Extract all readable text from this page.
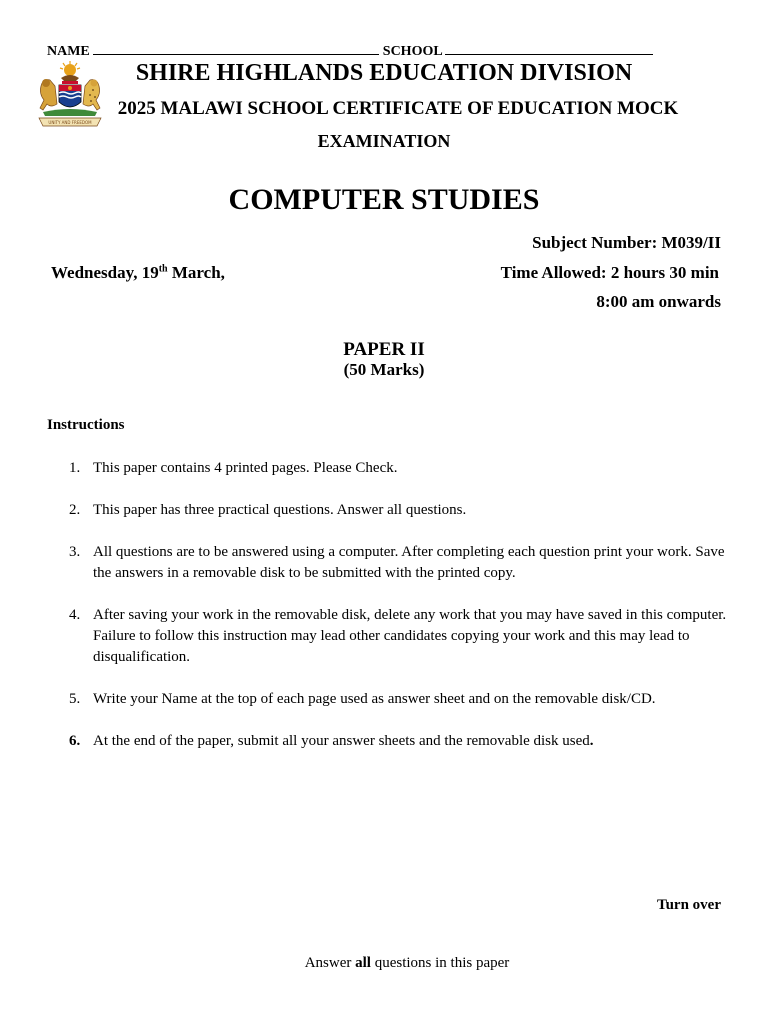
NAME	SCHOOL
UNITY AND FREEDOM
SHIRE HIGHLANDS EDUCATION DIVISION
2025 MALAWI SCHOOL CERTIFICATE OF EDUCATION MOCK
EXAMINATION
COMPUTER STUDIES
Subject Number: M039/II
Wednesday, 19th March,	Time Allowed: 2 hours 30 min
8:00 am onwards
PAPER II
(50 Marks)
Instructions
1. This paper contains 4 printed pages. Please Check.
2. This paper has three practical questions. Answer all questions.
3. All questions are to be answered using a computer. After completing each question print your work. Save the answers in a removable disk to be submitted with the printed copy.
4. After saving your work in the removable disk, delete any work that you may have saved in this computer. Failure to follow this instruction may lead other candidates copying your work and this may lead to disqualification.
5. Write your Name at the top of each page used as answer sheet and on the removable disk/CD.
6. At the end of the paper, submit all your answer sheets and the removable disk used.
Turn over
Answer all questions in this paper
